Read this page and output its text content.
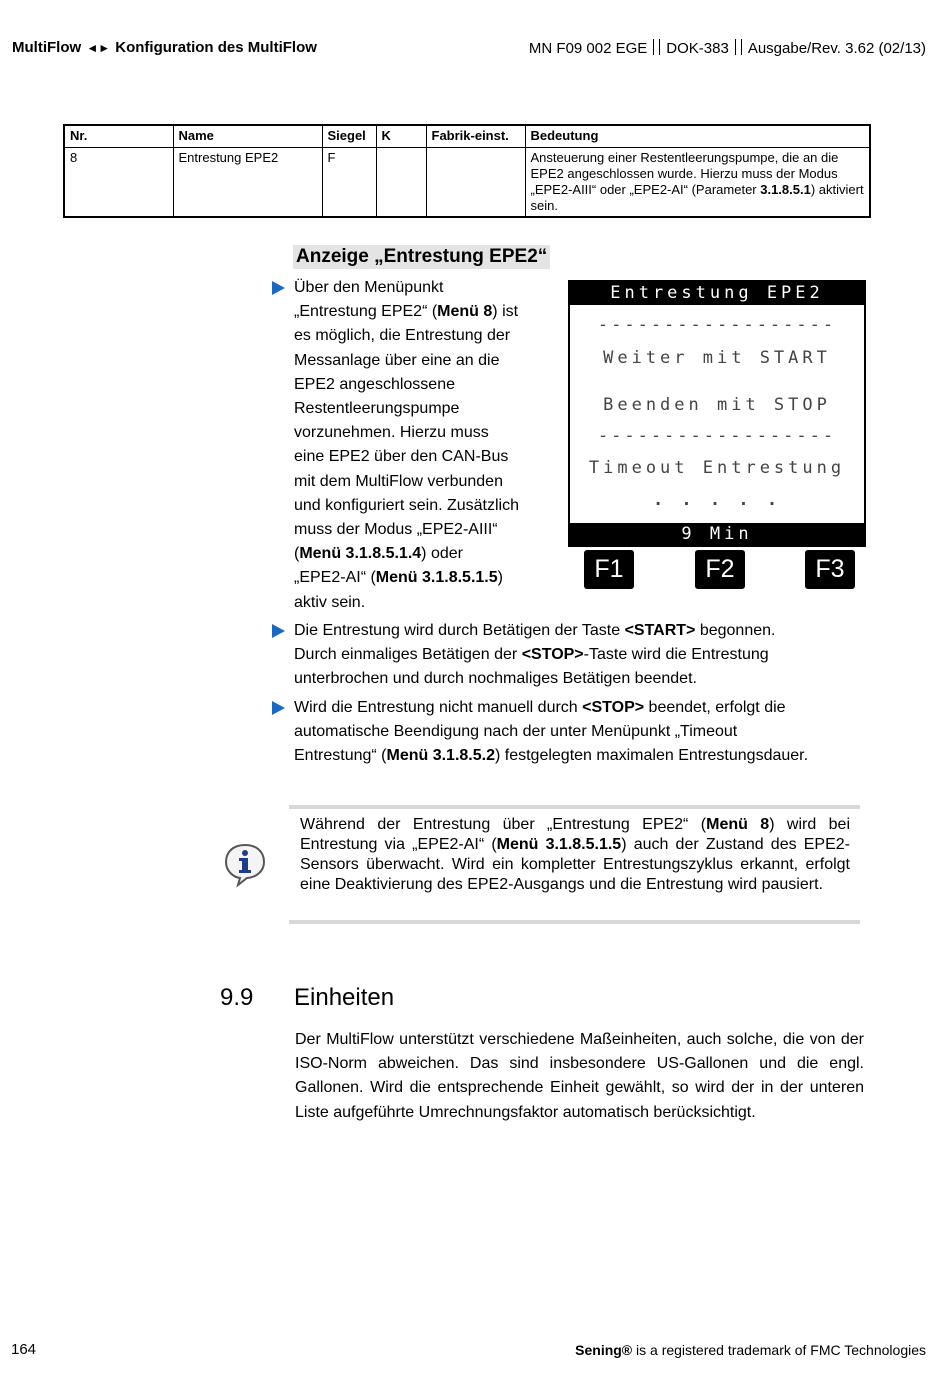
MultiFlow ◄► Konfiguration des MultiFlow	MN F09 002 EGE DOK-383 Ausgabe/Rev. 3.62 (02/13)
Nr.	Name	Siegel	K	Fabrik-einst.	Bedeutung
8	Entrestung EPE2	F			Ansteuerung einer Restentleerungspumpe, die an die EPE2 angeschlossen wurde. Hierzu muss der Modus „EPE2-AIII“ oder „EPE2-AI“ (Parameter 3.1.8.5.1) aktiviert sein.
Anzeige „Entrestung EPE2“
Über den Menüpunkt
„Entrestung EPE2“ (Menü 8) ist
es möglich, die Entrestung der
Messanlage über eine an die
EPE2 angeschlossene
Restentleerungspumpe
vorzunehmen. Hierzu muss
eine EPE2 über den CAN-Bus
mit dem MultiFlow verbunden
und konfiguriert sein. Zusätzlich
muss der Modus „EPE2-AIII“
(Menü 3.1.8.5.1.4) oder
„EPE2-AI“ (Menü 3.1.8.5.1.5)
aktiv sein.
Entrestung EPE2
------------------
Weiter mit START
Beenden mit STOP
------------------
Timeout Entrestung
. . . . .
9 Min
F1	F2	F3
Die Entrestung wird durch Betätigen der Taste <START> begonnen.
Durch einmaliges Betätigen der <STOP>-Taste wird die Entrestung
unterbrochen und durch nochmaliges Betätigen beendet.
Wird die Entrestung nicht manuell durch <STOP> beendet, erfolgt die
automatische Beendigung nach der unter Menüpunkt „Timeout
Entrestung“ (Menü 3.1.8.5.2) festgelegten maximalen Entrestungsdauer.
Während der Entrestung über „Entrestung EPE2“ (Menü 8) wird bei Entrestung via „EPE2-AI“ (Menü 3.1.8.5.1.5) auch der Zustand des EPE2-Sensors überwacht. Wird ein kompletter Entrestungszyklus erkannt, erfolgt eine Deaktivierung des EPE2-Ausgangs und die Entrestung wird pausiert.
9.9 Einheiten
Der MultiFlow unterstützt verschiedene Maßeinheiten, auch solche, die von der ISO-Norm abweichen. Das sind insbesondere US-Gallonen und die engl. Gallonen. Wird die entsprechende Einheit gewählt, so wird der in der unteren Liste aufgeführte Umrechnungsfaktor automatisch berücksichtigt.
164	Sening® is a registered trademark of FMC Technologies
